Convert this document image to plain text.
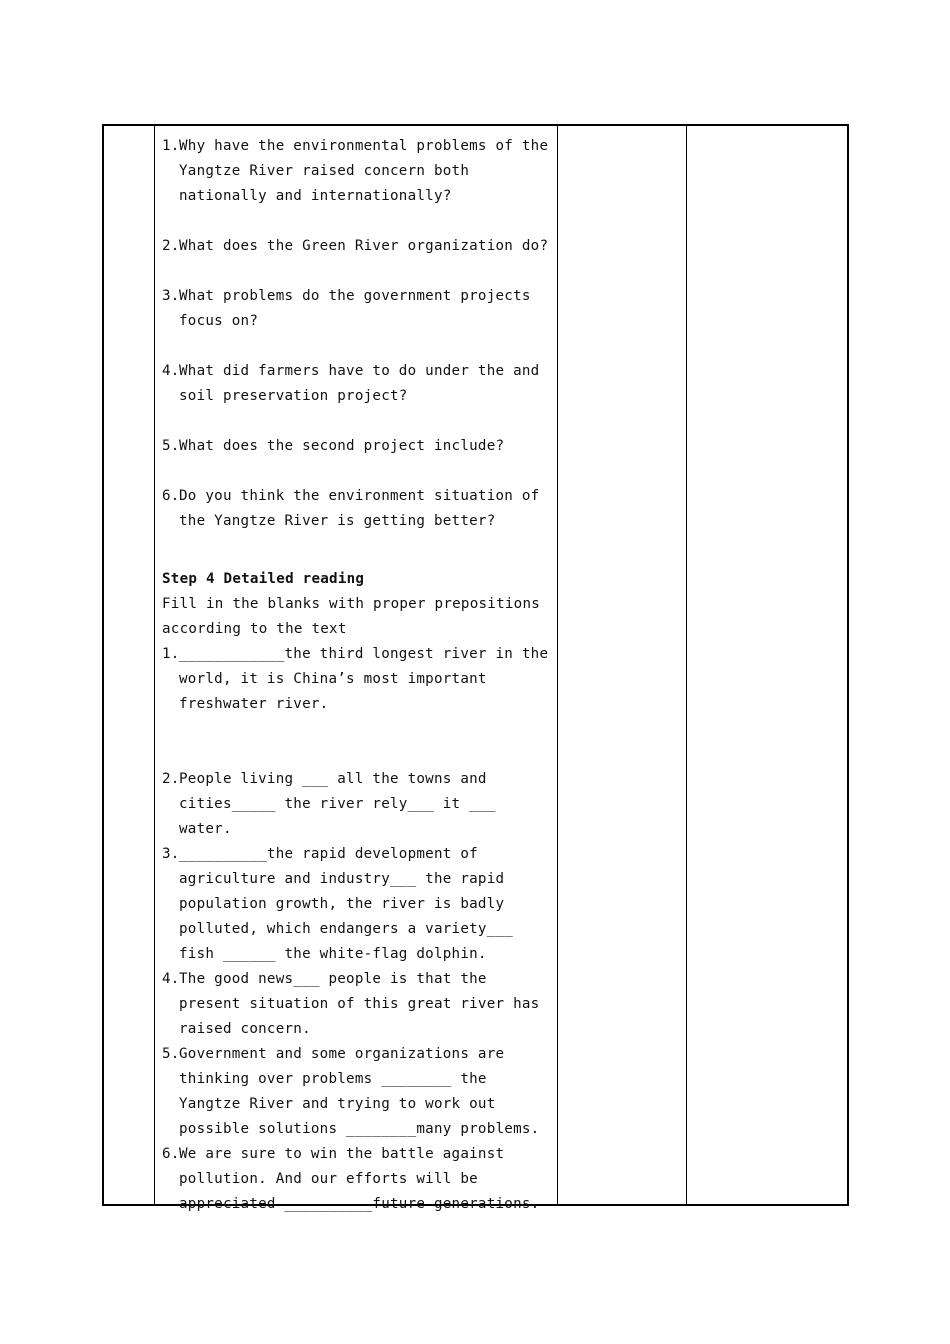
1. Why have the environmental problems of the Yangtze River raised concern both nationally and internationally?
2. What does the Green River organization do?
3. What problems do the government projects focus on?
4. What did farmers have to do under the and soil preservation project?
5. What does the second project include?
6. Do you think the environment situation of the Yangtze River is getting better?
Step 4 Detailed reading
Fill in the blanks with proper prepositions according to the text
1. ____________the third longest river in the world, it is China’s most important freshwater river.
2. People living ___ all the towns and cities_____ the river rely___ it ___ water.
3. __________the rapid development of agriculture and industry___ the rapid population growth, the river is badly polluted, which endangers a variety___ fish ______ the white-flag dolphin.
4. The good news___ people is that the present situation of this great river has raised concern.
5. Government and some organizations are thinking over problems ________ the Yangtze River and trying to work out possible solutions ________many problems.
6. We are sure to win the battle against pollution. And our efforts will be appreciated __________future generations.
